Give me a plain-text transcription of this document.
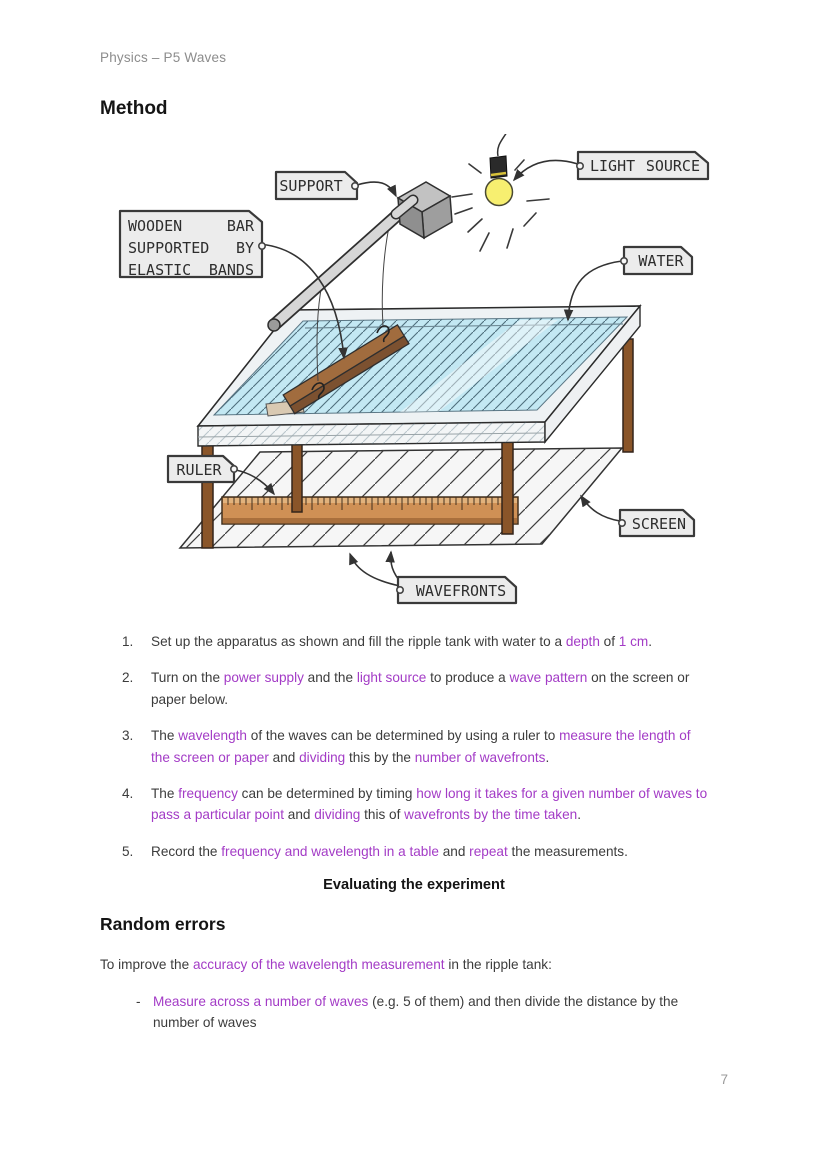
Physics – P5 Waves
Method
SUPPORT
LIGHT SOURCE
WOODEN	BAR
SUPPORTED BY
ELASTIC BANDS	WATER
RULER
SCREEN
WAVEFRONTS
1. Set up the apparatus as shown and fill the ripple tank with water to a depth of 1 cm.
2. Turn on the power supply and the light source to produce a wave pattern on the screen or paper below.
3. The wavelength of the waves can be determined by using a ruler to measure the length of the screen or paper and dividing this by the number of wavefronts.
4. The frequency can be determined by timing how long it takes for a given number of waves to pass a particular point and dividing this of wavefronts by the time taken.
5. Record the frequency and wavelength in a table and repeat the measurements.
Evaluating the experiment
Random errors
To improve the accuracy of the wavelength measurement in the ripple tank:
- Measure across a number of waves (e.g. 5 of them) and then divide the distance by the number of waves
7
